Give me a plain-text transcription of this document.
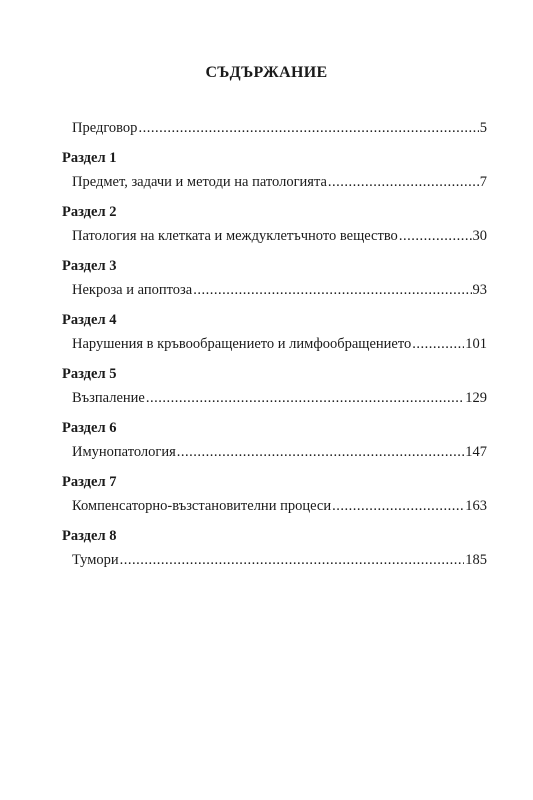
СЪДЪРЖАНИЕ
Предговор .....	5
Раздел 1
Предмет, задачи и методи на патологията .....	7
Раздел 2
Патология на клетката и междуклетъчното вещество .....	30
Раздел 3
Некроза и апоптоза .....	93
Раздел 4
Нарушения в кръвообращението и лимфообращението .....	101
Раздел 5
Възпаление .....	129
Раздел 6
Имунопатология .....	147
Раздел 7
Компенсаторно-възстановителни процеси .....	163
Раздел 8
Тумори .....	185
